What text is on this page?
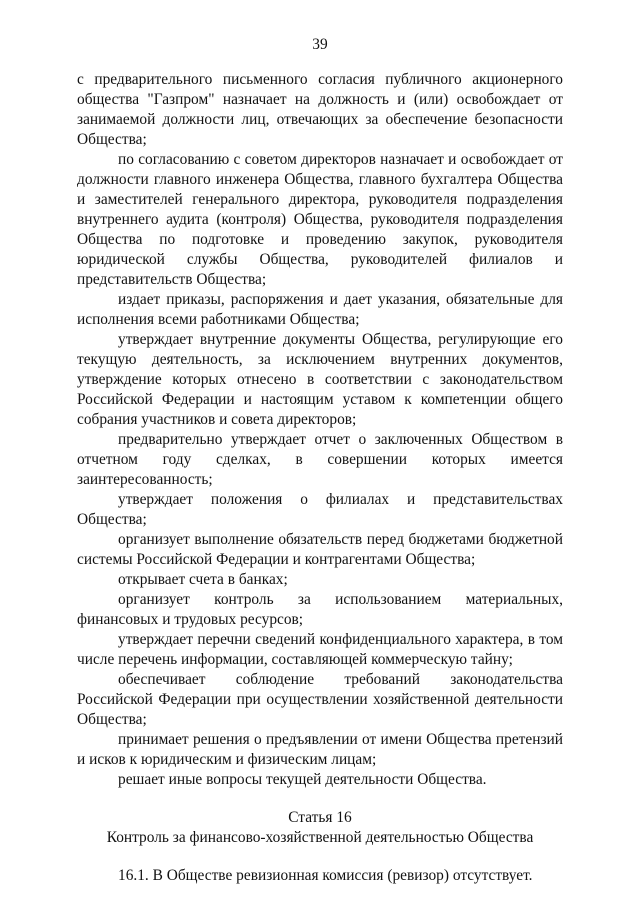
39

с предварительного письменного согласия публичного акционерного общества "Газпром" назначает на должность и (или) освобождает от занимаемой должности лиц, отвечающих за обеспечение безопасности Общества;

по согласованию с советом директоров назначает и освобождает от должности главного инженера Общества, главного бухгалтера Общества и заместителей генерального директора, руководителя подразделения внутреннего аудита (контроля) Общества, руководителя подразделения Общества по подготовке и проведению закупок, руководителя юридической службы Общества, руководителей филиалов и представительств Общества;

издает приказы, распоряжения и дает указания, обязательные для исполнения всеми работниками Общества;

утверждает внутренние документы Общества, регулирующие его текущую деятельность, за исключением внутренних документов, утверждение которых отнесено в соответствии с законодательством Российской Федерации и настоящим уставом к компетенции общего собрания участников и совета директоров;

предварительно утверждает отчет о заключенных Обществом в отчетном году сделках, в совершении которых имеется заинтересованность;

утверждает положения о филиалах и представительствах Общества;

организует выполнение обязательств перед бюджетами бюджетной системы Российской Федерации и контрагентами Общества;

открывает счета в банках;

организует контроль за использованием материальных, финансовых и трудовых ресурсов;

утверждает перечни сведений конфиденциального характера, в том числе перечень информации, составляющей коммерческую тайну;

обеспечивает соблюдение требований законодательства Российской Федерации при осуществлении хозяйственной деятельности Общества;

принимает решения о предъявлении от имени Общества претензий и исков к юридическим и физическим лицам;

решает иные вопросы текущей деятельности Общества.

Статья 16

Контроль за финансово-хозяйственной деятельностью Общества

16.1. В Обществе ревизионная комиссия (ревизор) отсутствует.
